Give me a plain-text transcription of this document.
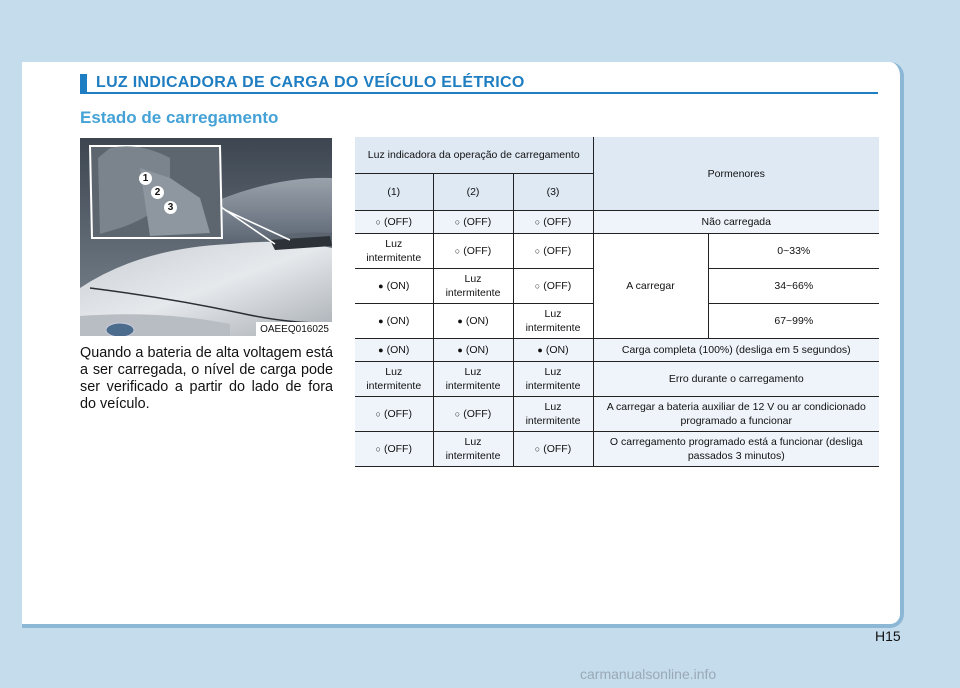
LUZ INDICADORA DE CARGA DO VEÍCULO ELÉTRICO
Estado de carregamento
1
2
3
OAEEQ016025
Quando a bateria de alta voltagem está a ser carregada, o nível de carga pode ser verificado a partir do lado de fora do veículo.
Luz indicadora da operação de carregamento			Pormenores	
(1)	(2)	(3)		
○ (OFF)	○ (OFF)	○ (OFF)	Não carregada	
Luz intermitente	○ (OFF)	○ (OFF)	A carregar	0~33%
● (ON)	Luz intermitente	○ (OFF)		34~66%
● (ON)	● (ON)	Luz intermitente		67~99%
● (ON)	● (ON)	● (ON)	Carga completa (100%) (desliga em 5 segundos)	
Luz intermitente	Luz intermitente	Luz intermitente	Erro durante o carregamento	
○ (OFF)	○ (OFF)	Luz intermitente	A carregar a bateria auxiliar de 12 V ou ar condicionado programado a funcionar	
○ (OFF)	Luz intermitente	○ (OFF)	O carregamento programado está a funcionar (desliga passados 3 minutos)	
H15
carmanualsonline.info
